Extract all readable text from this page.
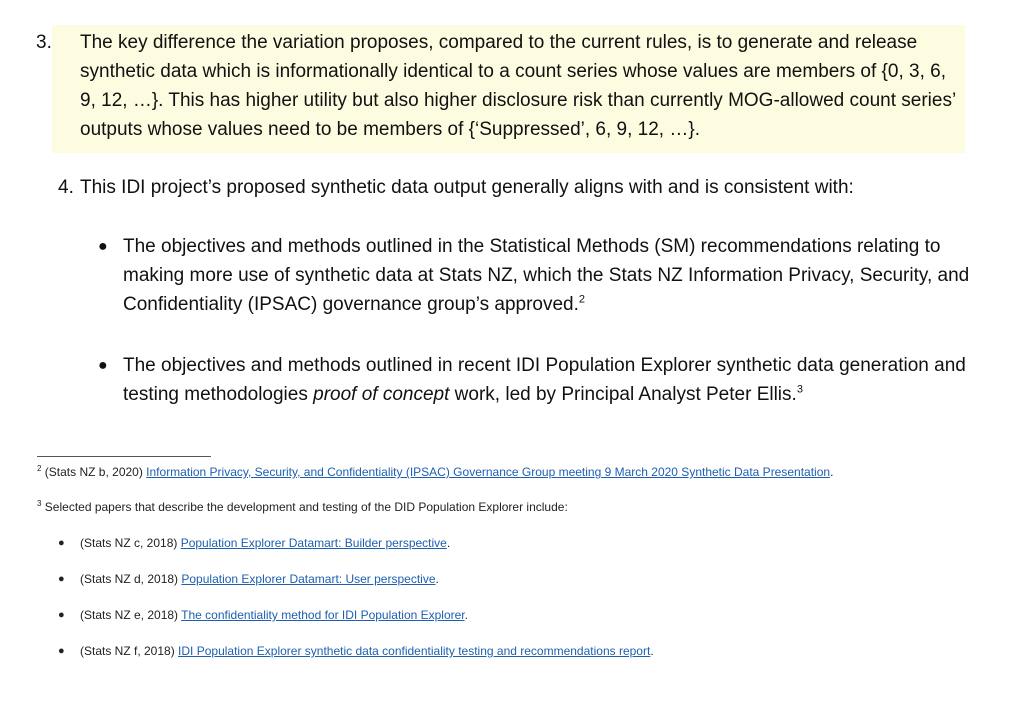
3. The key difference the variation proposes, compared to the current rules, is to generate and release synthetic data which is informationally identical to a count series whose values are members of {0, 3, 6, 9, 12, …}. This has higher utility but also higher disclosure risk than currently MOG-allowed count series’ outputs whose values need to be members of {‘Suppressed’, 6, 9, 12, …}.
4. This IDI project’s proposed synthetic data output generally aligns with and is consistent with:
● The objectives and methods outlined in the Statistical Methods (SM) recommendations relating to making more use of synthetic data at Stats NZ, which the Stats NZ Information Privacy, Security, and Confidentiality (IPSAC) governance group’s approved.$^2$
● The objectives and methods outlined in recent IDI Population Explorer synthetic data generation and testing methodologies proof of concept work, led by Principal Analyst Peter Ellis.$^3$
$^2$ (Stats NZ b, 2020) Information Privacy, Security, and Confidentiality (IPSAC) Governance Group meeting 9 March 2020 Synthetic Data Presentation.
$^3$ Selected papers that describe the development and testing of the DID Population Explorer include:
●	(Stats NZ c, 2018) Population Explorer Datamart: Builder perspective.
●	(Stats NZ d, 2018) Population Explorer Datamart: User perspective.
●	(Stats NZ e, 2018) The confidentiality method for IDI Population Explorer.
●	(Stats NZ f, 2018) IDI Population Explorer synthetic data confidentiality testing and recommendations report.
